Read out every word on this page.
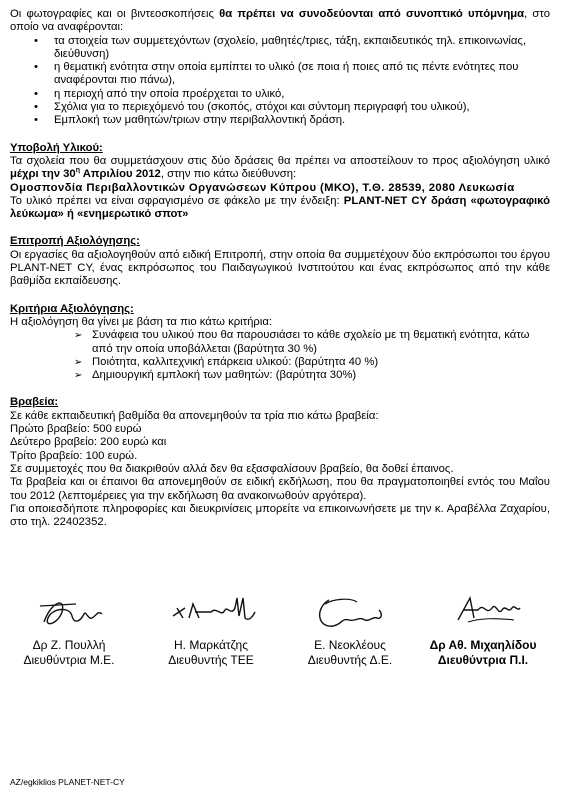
Οι φωτογραφίες και οι βιντεοσκοπήσεις θα πρέπει να συνοδεύονται από συνοπτικό υπόμνημα, στο οποίο να αναφέρονται:

• τα στοιχεία των συμμετεχόντων (σχολείο, μαθητές/τριες, τάξη, εκπαιδευτικός τηλ. επικοινωνίας, διεύθυνση)
• η θεματική ενότητα στην οποία εμπίπτει το υλικό (σε ποια ή ποιες από τις πέντε ενότητες που αναφέρονται πιο πάνω),
• η περιοχή από την οποία προέρχεται το υλικό,
• Σχόλια για το περιεχόμενό του (σκοπός, στόχοι και σύντομη περιγραφή του υλικού),
• Εμπλοκή των μαθητών/τριων στην περιβαλλοντική δράση.

Υποβολή Υλικού:

Τα σχολεία που θα συμμετάσχουν στις δύο δράσεις θα πρέπει να αποστείλουν το προς αξιολόγηση υλικό μέχρι την $30^\eta$ Απριλίου 2012, στην πιο κάτω διεύθυνση:

Ομοσπονδία Περιβαλλοντικών Οργανώσεων Κύπρου (ΜΚΟ), Τ.Θ. 28539, 2080 Λευκωσία

Το υλικό πρέπει να είναι σφραγισμένο σε φάκελο με την ένδειξη: PLANT-NET CY δράση «φωτογραφικό λεύκωμα» ή «ενημερωτικό σποτ»

Επιτροπή Αξιολόγησης:

Οι εργασίες θα αξιολογηθούν από ειδική Επιτροπή, στην οποία θα συμμετέχουν δύο εκπρόσωποι του έργου PLANT-NET CY, ένας εκπρόσωπος του Παιδαγωγικού Ινστιτούτου και ένας εκπρόσωπος από την κάθε βαθμίδα εκπαίδευσης.

Κριτήρια Αξιολόγησης:

Η αξιολόγηση θα γίνει με βάση τα πιο κάτω κριτήρια:

➢ Συνάφεια του υλικού που θα παρουσιάσει το κάθε σχολείο με τη θεματική ενότητα, κάτω από την οποία υποβάλλεται (βαρύτητα 30 %)
➢ Ποιότητα, καλλιτεχνική επάρκεια υλικού: (βαρύτητα 40 %)
➢ Δημιουργική εμπλοκή των μαθητών: (βαρύτητα 30%)

Βραβεία:

Σε κάθε εκπαιδευτική βαθμίδα θα απονεμηθούν τα τρία πιο κάτω βραβεία:

Πρώτο βραβείο: 500 ευρώ

Δεύτερο βραβείο: 200 ευρώ και

Τρίτο βραβείο: 100 ευρώ.

Σε συμμετοχές που θα διακριθούν αλλά δεν θα εξασφαλίσουν βραβείο, θα δοθεί έπαινος.

Τα βραβεία και οι έπαινοι θα απονεμηθούν σε ειδική εκδήλωση, που θα πραγματοποιηθεί εντός του Μαΐου του 2012 (λεπτομέρειες για την εκδήλωση θα ανακοινωθούν αργότερα).

Για οποιεσδήποτε πληροφορίες και διευκρινίσεις μπορείτε να επικοινωνήσετε με την κ. Αραβέλλα Ζαχαρίου, στο τηλ. 22402352.

Δρ Ζ. Πουλλή
Διευθύντρια Μ.Ε.
Η. Μαρκάτζης
Διευθυντής ΤΕΕ
Ε. Νεοκλέους
Διευθυντής Δ.Ε.
Δρ Αθ. Μιχαηλίδου
Διευθύντρια Π.Ι.
AZ/egkiklios PLANET-NET-CY
